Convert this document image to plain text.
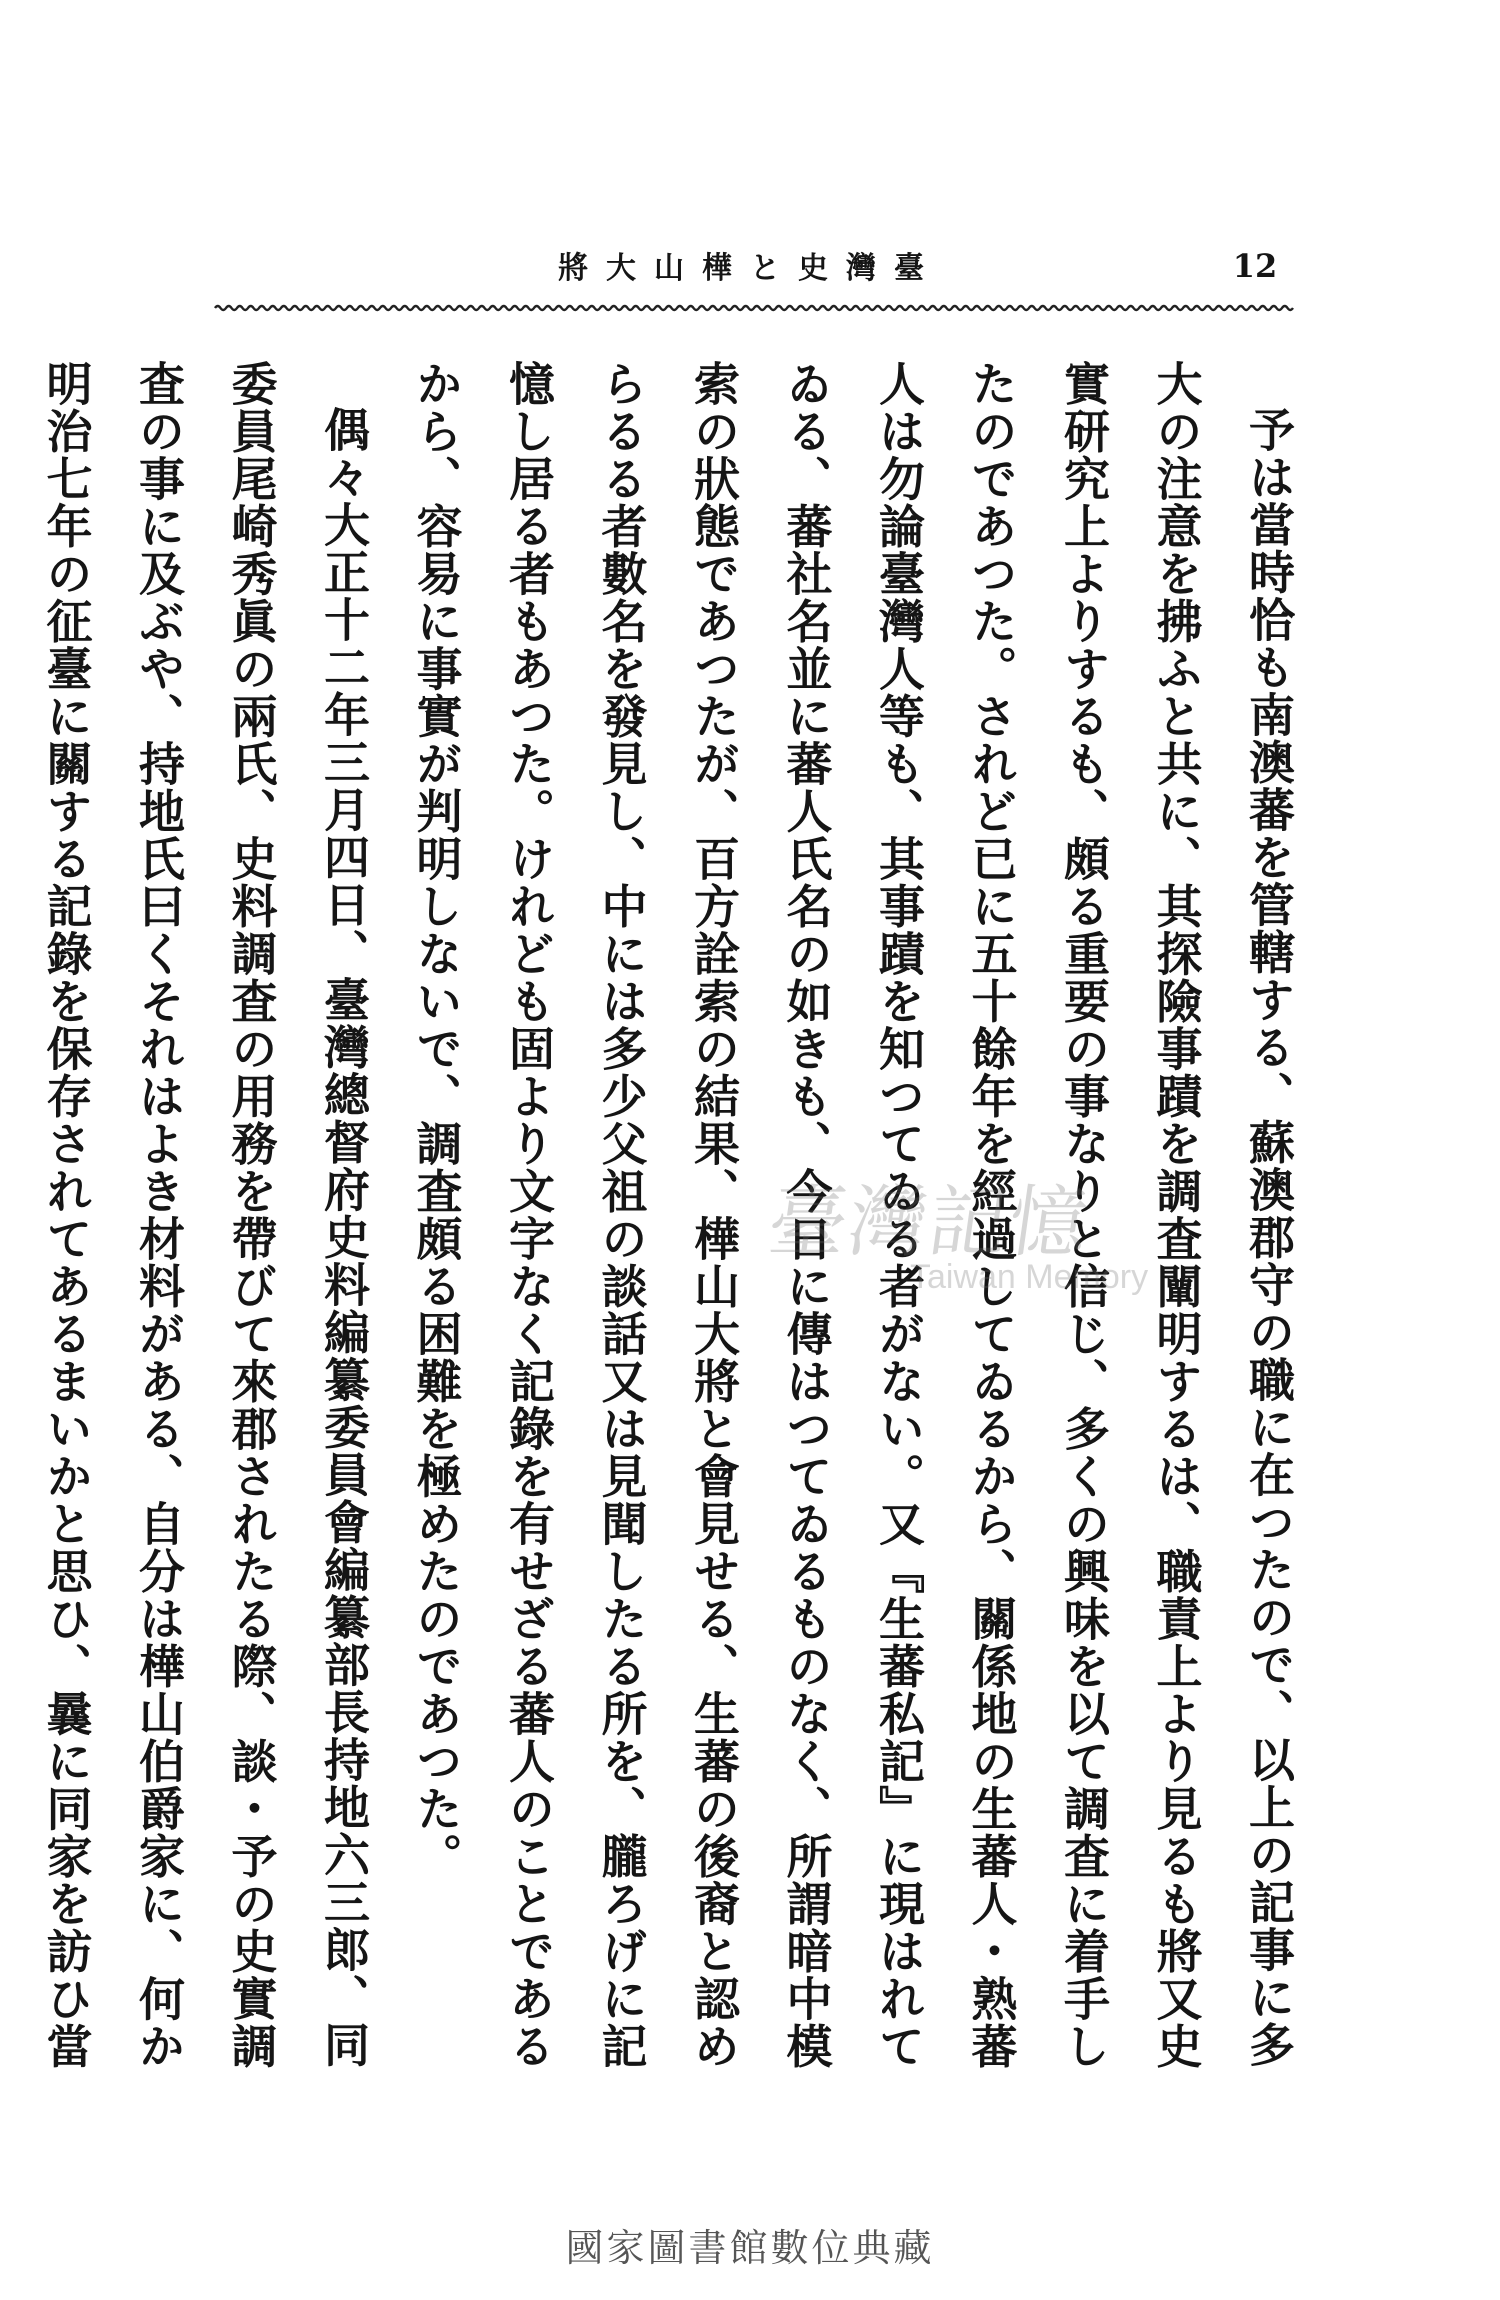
臺灣史と樺山大將	12

予は當時恰も南澳蕃を管轄する、蘇澳郡守の職に在つたので、以上の記事に多大の注意を拂ふと共に、其探險事蹟を調査闡明するは、職責上より見るも將又史實研究上よりするも、頗る重要の事なりと信じ、多くの興味を以て調査に着手したのであつた。されど已に五十餘年を經過してゐるから、關係地の生蕃人・熟蕃人は勿論臺灣人等も、其事蹟を知つてゐる者がない。又『生蕃私記』に現はれてゐる、蕃社名並に蕃人氏名の如きも、今日に傳はつてゐるものなく、所謂暗中模索の狀態であつたが、百方詮索の結果、樺山大將と會見せる、生蕃の後裔と認めらるる者數名を發見し、中には多少父祖の談話又は見聞したる所を、朧ろげに記憶し居る者もあつた。けれども固より文字なく記錄を有せざる蕃人のことであるから、容易に事實が判明しないで、調査頗る困難を極めたのであつた。

偶々大正十二年三月四日、臺灣總督府史料編纂委員會編纂部長持地六三郎、同委員尾崎秀眞の兩氏、史料調査の用務を帶びて來郡されたる際、談・予の史實調査の事に及ぶや、持地氏曰くそれはよき材料がある、自分は樺山伯爵家に、何か明治七年の征臺に關する記錄を保存されてあるまいかと思ひ、曩に同家を訪ひ當

臺灣記憶
Taiwan Memory
國家圖書館數位典藏
